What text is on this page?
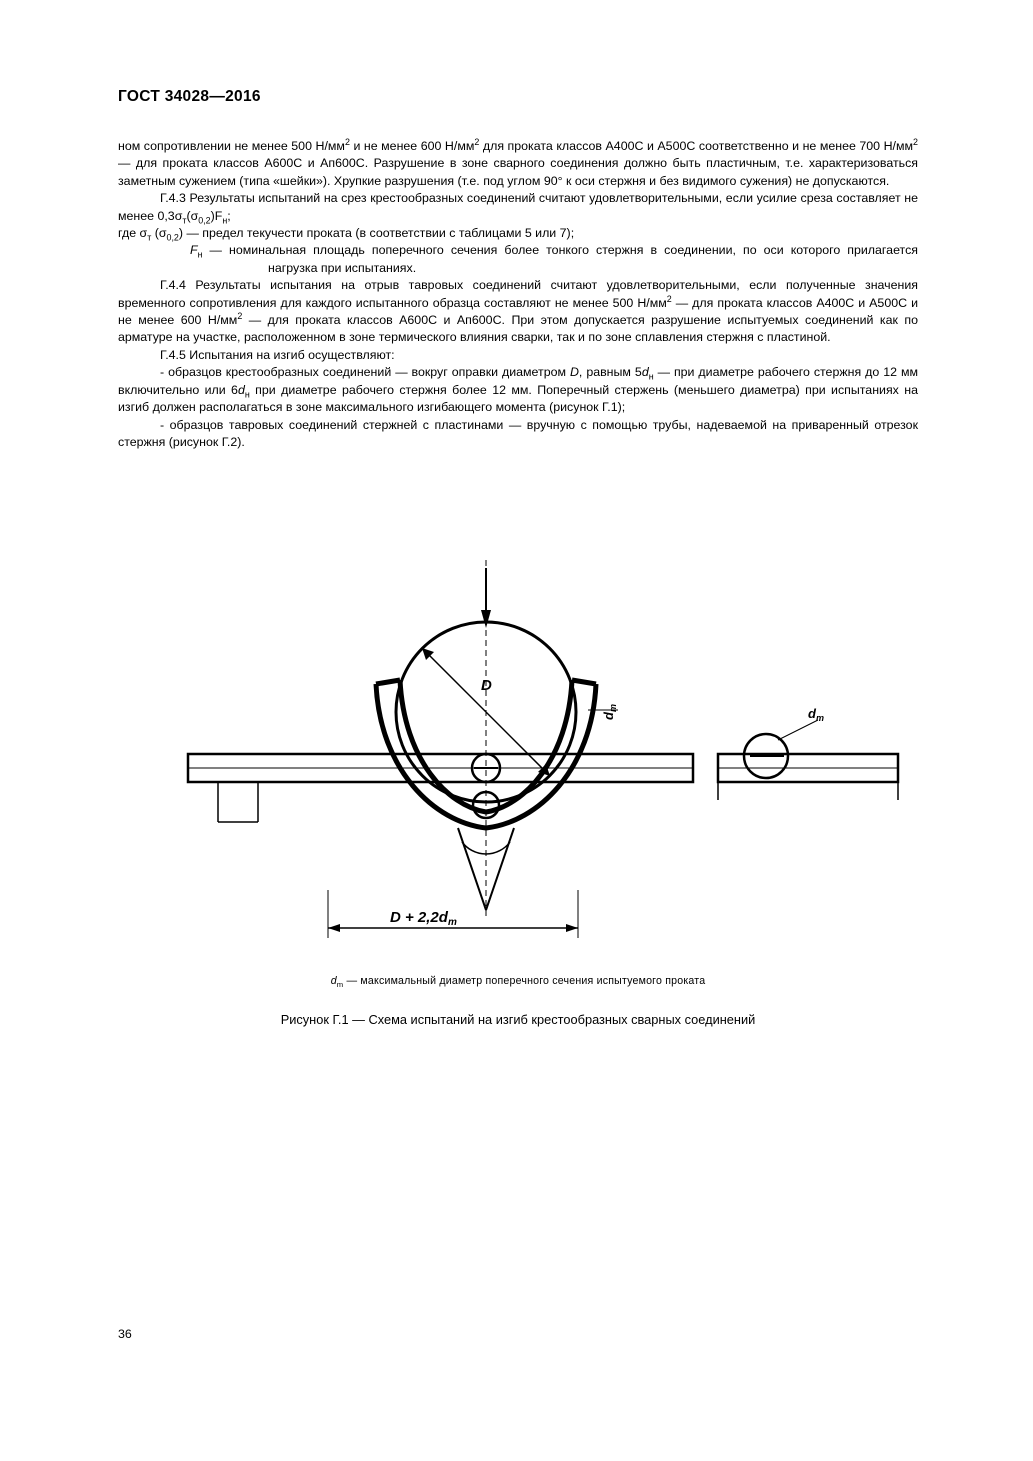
ГОСТ 34028—2016

ном сопротивлении не менее 500 $Н/мм^2$ и не менее 600 $Н/мм^2$ для проката классов А400С и А500С соответственно и не менее 700 $Н/мм^2$ — для проката классов А600С и Ап600С. Разрушение в зоне сварного соединения должно быть пластичным, т.е. характеризоваться заметным сужением (типа «шейки»). Хрупкие разрушения (т.е. под углом 90° к оси стержня и без видимого сужения) не допускаются.

Г.4.3 Результаты испытаний на срез крестообразных соединений считают удовлетворительными, если усилие среза составляет не менее $0,3\sigma_т(\sigma_{0,2})F_н$;

где $\sigma_т$ $(\sigma_{0,2})$ — предел текучести проката (в соответствии с таблицами 5 или 7);

$F_н$ — номинальная площадь поперечного сечения более тонкого стержня в соединении, по оси которого прилагается нагрузка при испытаниях.

Г.4.4 Результаты испытания на отрыв тавровых соединений считают удовлетворительными, если полученные значения временного сопротивления для каждого испытанного образца составляют не менее 500 $Н/мм^2$ — для проката классов А400С и А500С и не менее 600 $Н/мм^2$ — для проката классов А600С и Ап600С. При этом допускается разрушение испытуемых соединений как по арматуре на участке, расположенном в зоне термического влияния сварки, так и по зоне сплавления стержня с пластиной.

Г.4.5 Испытания на изгиб осуществляют:

- образцов крестообразных соединений — вокруг оправки диаметром D, равным $5d_н$ — при диаметре рабочего стержня до 12 мм включительно или $6d_н$ при диаметре рабочего стержня более 12 мм. Поперечный стержень (меньшего диаметра) при испытаниях на изгиб должен располагаться в зоне максимального изгибающего момента (рисунок Г.1);

- образцов тавровых соединений стержней с пластинами — вручную с помощью трубы, надеваемой на приваренный отрезок стержня (рисунок Г.2).

D
$d_m$	$d_m$
$D + 2,2d_m$
$d_m$ — максимальный диаметр поперечного сечения испытуемого проката
Рисунок Г.1 — Схема испытаний на изгиб крестообразных сварных соединений
36
